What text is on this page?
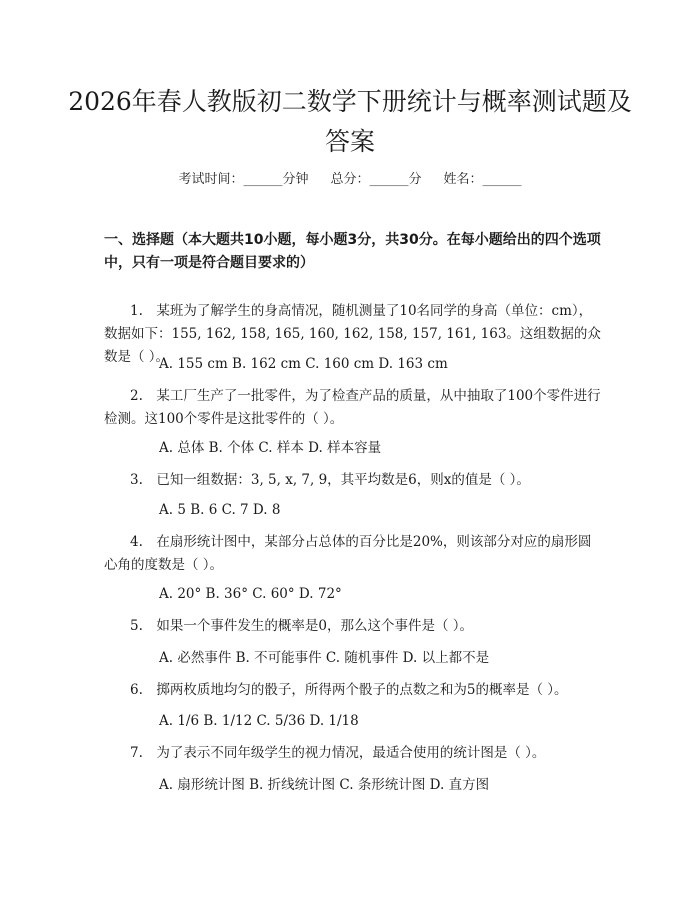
2026年春人教版初二数学下册统计与概率测试题及答案
考试时间：______分钟 总分：______分 姓名：______
一、选择题（本大题共10小题，每小题3分，共30分。在每小题给出的四个选项中，只有一项是符合题目要求的）
1.　某班为了解学生的身高情况，随机测量了10名同学的身高（单位：cm），数据如下：155, 162, 158, 165, 160, 162, 158, 157, 161, 163。这组数据的众数是（ ）。
A. 155 cm B. 162 cm C. 160 cm D. 163 cm
2.　某工厂生产了一批零件，为了检查产品的质量，从中抽取了100个零件进行检测。这100个零件是这批零件的（ ）。
A. 总体 B. 个体 C. 样本 D. 样本容量
3.　已知一组数据：3, 5, x, 7, 9，其平均数是6，则x的值是（ ）。
A. 5 B. 6 C. 7 D. 8
4.　在扇形统计图中，某部分占总体的百分比是20%，则该部分对应的扇形圆心角的度数是（ ）。
A. 20° B. 36° C. 60° D. 72°
5.　如果一个事件发生的概率是0，那么这个事件是（ ）。
A. 必然事件 B. 不可能事件 C. 随机事件 D. 以上都不是
6.　掷两枚质地均匀的骰子，所得两个骰子的点数之和为5的概率是（ ）。
A. 1/6 B. 1/12 C. 5/36 D. 1/18
7.　为了表示不同年级学生的视力情况，最适合使用的统计图是（ ）。
A. 扇形统计图 B. 折线统计图 C. 条形统计图 D. 直方图
